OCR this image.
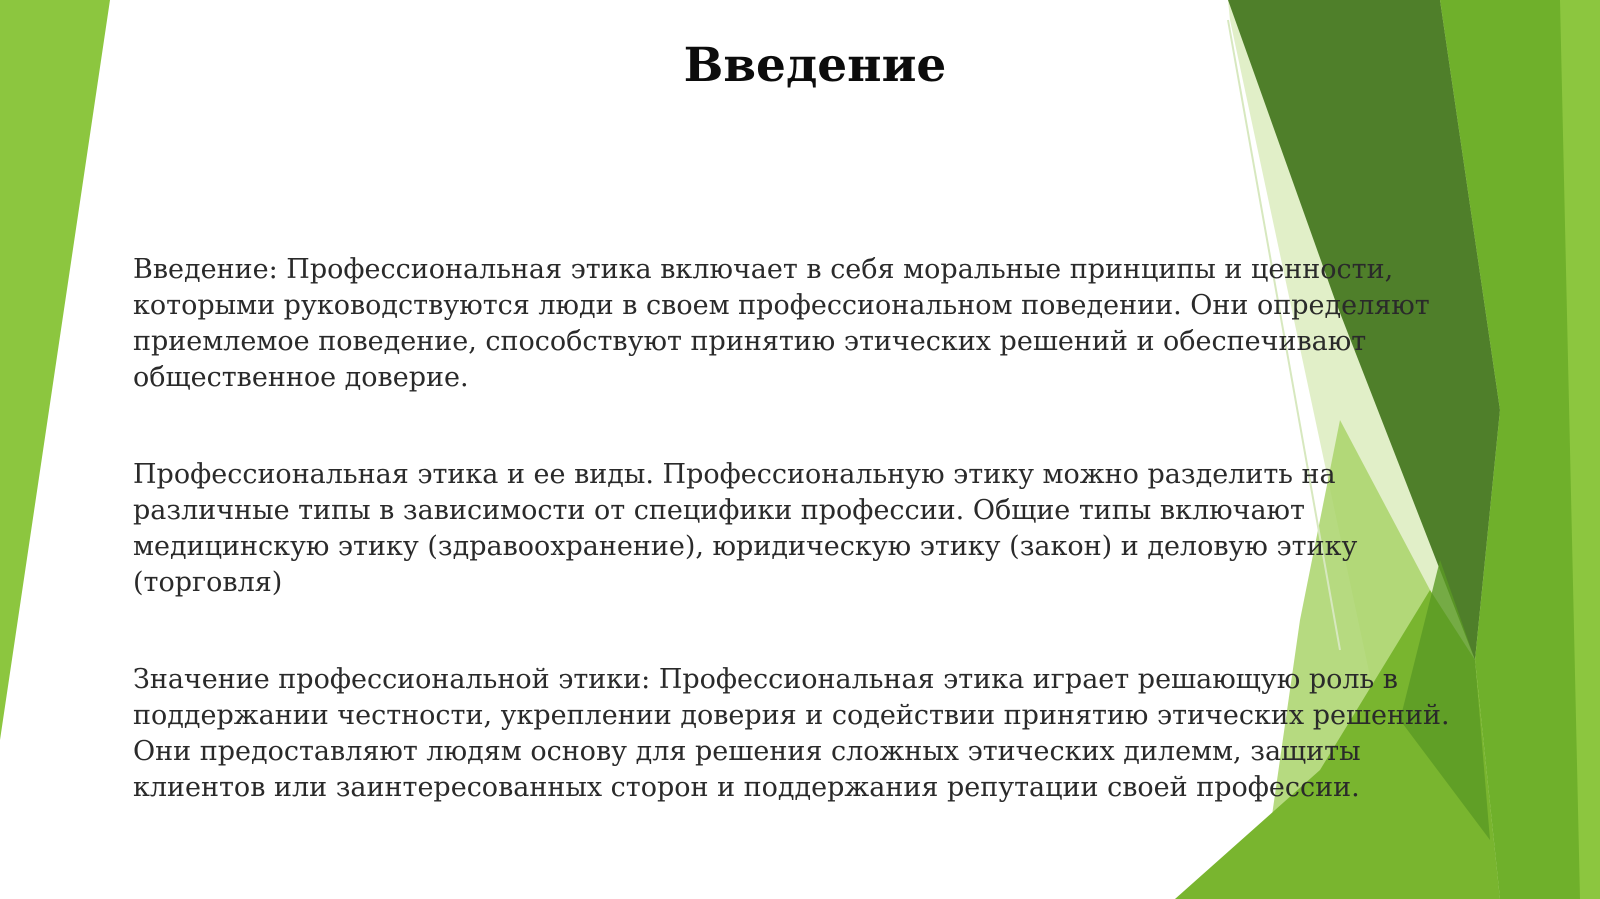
Введение
Введение: Профессиональная этика включает в себя моральные принципы и ценности, которыми руководствуются люди в своем профессиональном поведении. Они определяют приемлемое поведение, способствуют принятию этических решений и обеспечивают общественное доверие.
Профессиональная этика и ее виды. Профессиональную этику можно разделить на различные типы в зависимости от специфики профессии. Общие типы включают медицинскую этику (здравоохранение), юридическую этику (закон) и деловую этику (торговля)
Значение профессиональной этики: Профессиональная этика играет решающую роль в поддержании честности, укреплении доверия и содействии принятию этических решений. Они предоставляют людям основу для решения сложных этических дилемм, защиты клиентов или заинтересованных сторон и поддержания репутации своей профессии.
